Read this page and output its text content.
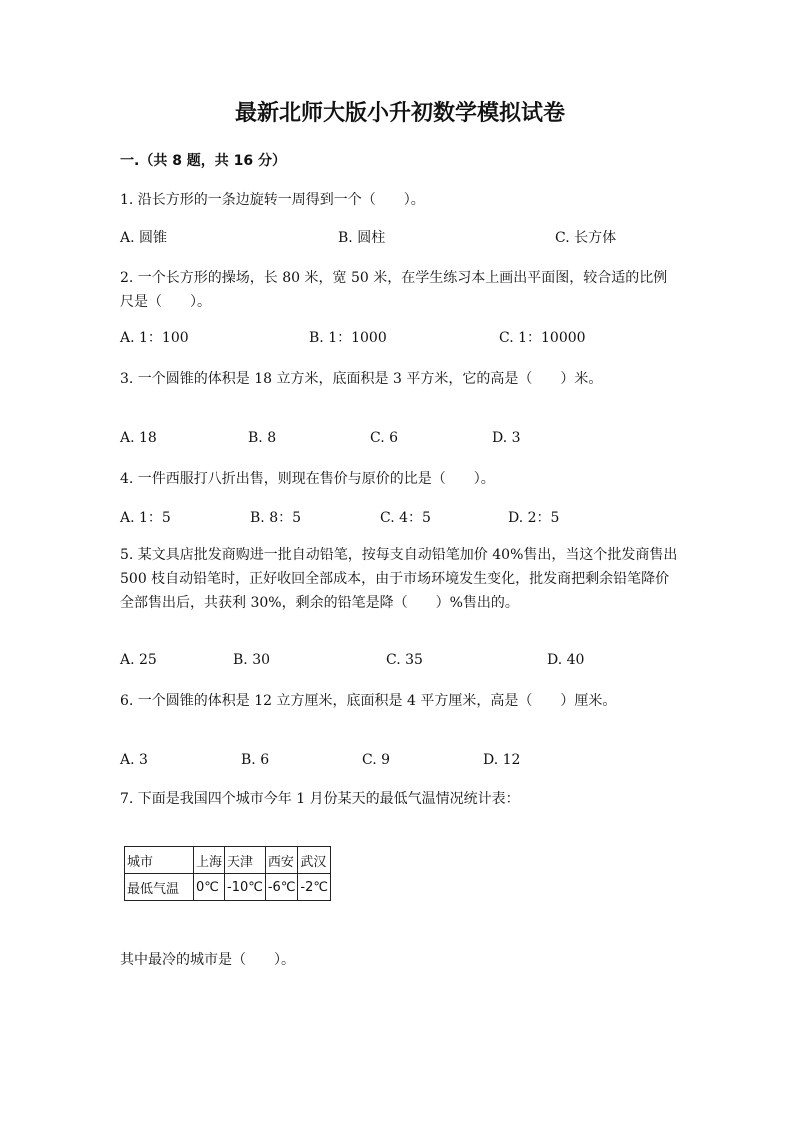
最新北师大版小升初数学模拟试卷
一.（共 8 题，共 16 分）
1. 沿长方形的一条边旋转一周得到一个（　　）。
A. 圆锥	B. 圆柱	C. 长方体
2. 一个长方形的操场，长 80 米，宽 50 米，在学生练习本上画出平面图，较合适的比例尺是（　　）。
A. 1：100	B. 1：1000	C. 1：10000
3. 一个圆锥的体积是 18 立方米，底面积是 3 平方米，它的高是（　　）米。
A. 18	B. 8	C. 6	D. 3
4. 一件西服打八折出售，则现在售价与原价的比是（　　）。
A. 1：5	B. 8：5	C. 4：5	D. 2：5
5. 某文具店批发商购进一批自动铅笔，按每支自动铅笔加价 40%售出，当这个批发商售出 500 枝自动铅笔时，正好收回全部成本，由于市场环境发生变化，批发商把剩余铅笔降价全部售出后，共获利 30%，剩余的铅笔是降（　　）%售出的。
A. 25	B. 30	C. 35	D. 40
6. 一个圆锥的体积是 12 立方厘米，底面积是 4 平方厘米，高是（　　）厘米。
A. 3	B. 6	C. 9	D. 12
7. 下面是我国四个城市今年 1 月份某天的最低气温情况统计表：
城市	上海	天津	西安	武汉
最低气温	0℃	-10℃	-6℃	-2℃
其中最冷的城市是（　　）。
